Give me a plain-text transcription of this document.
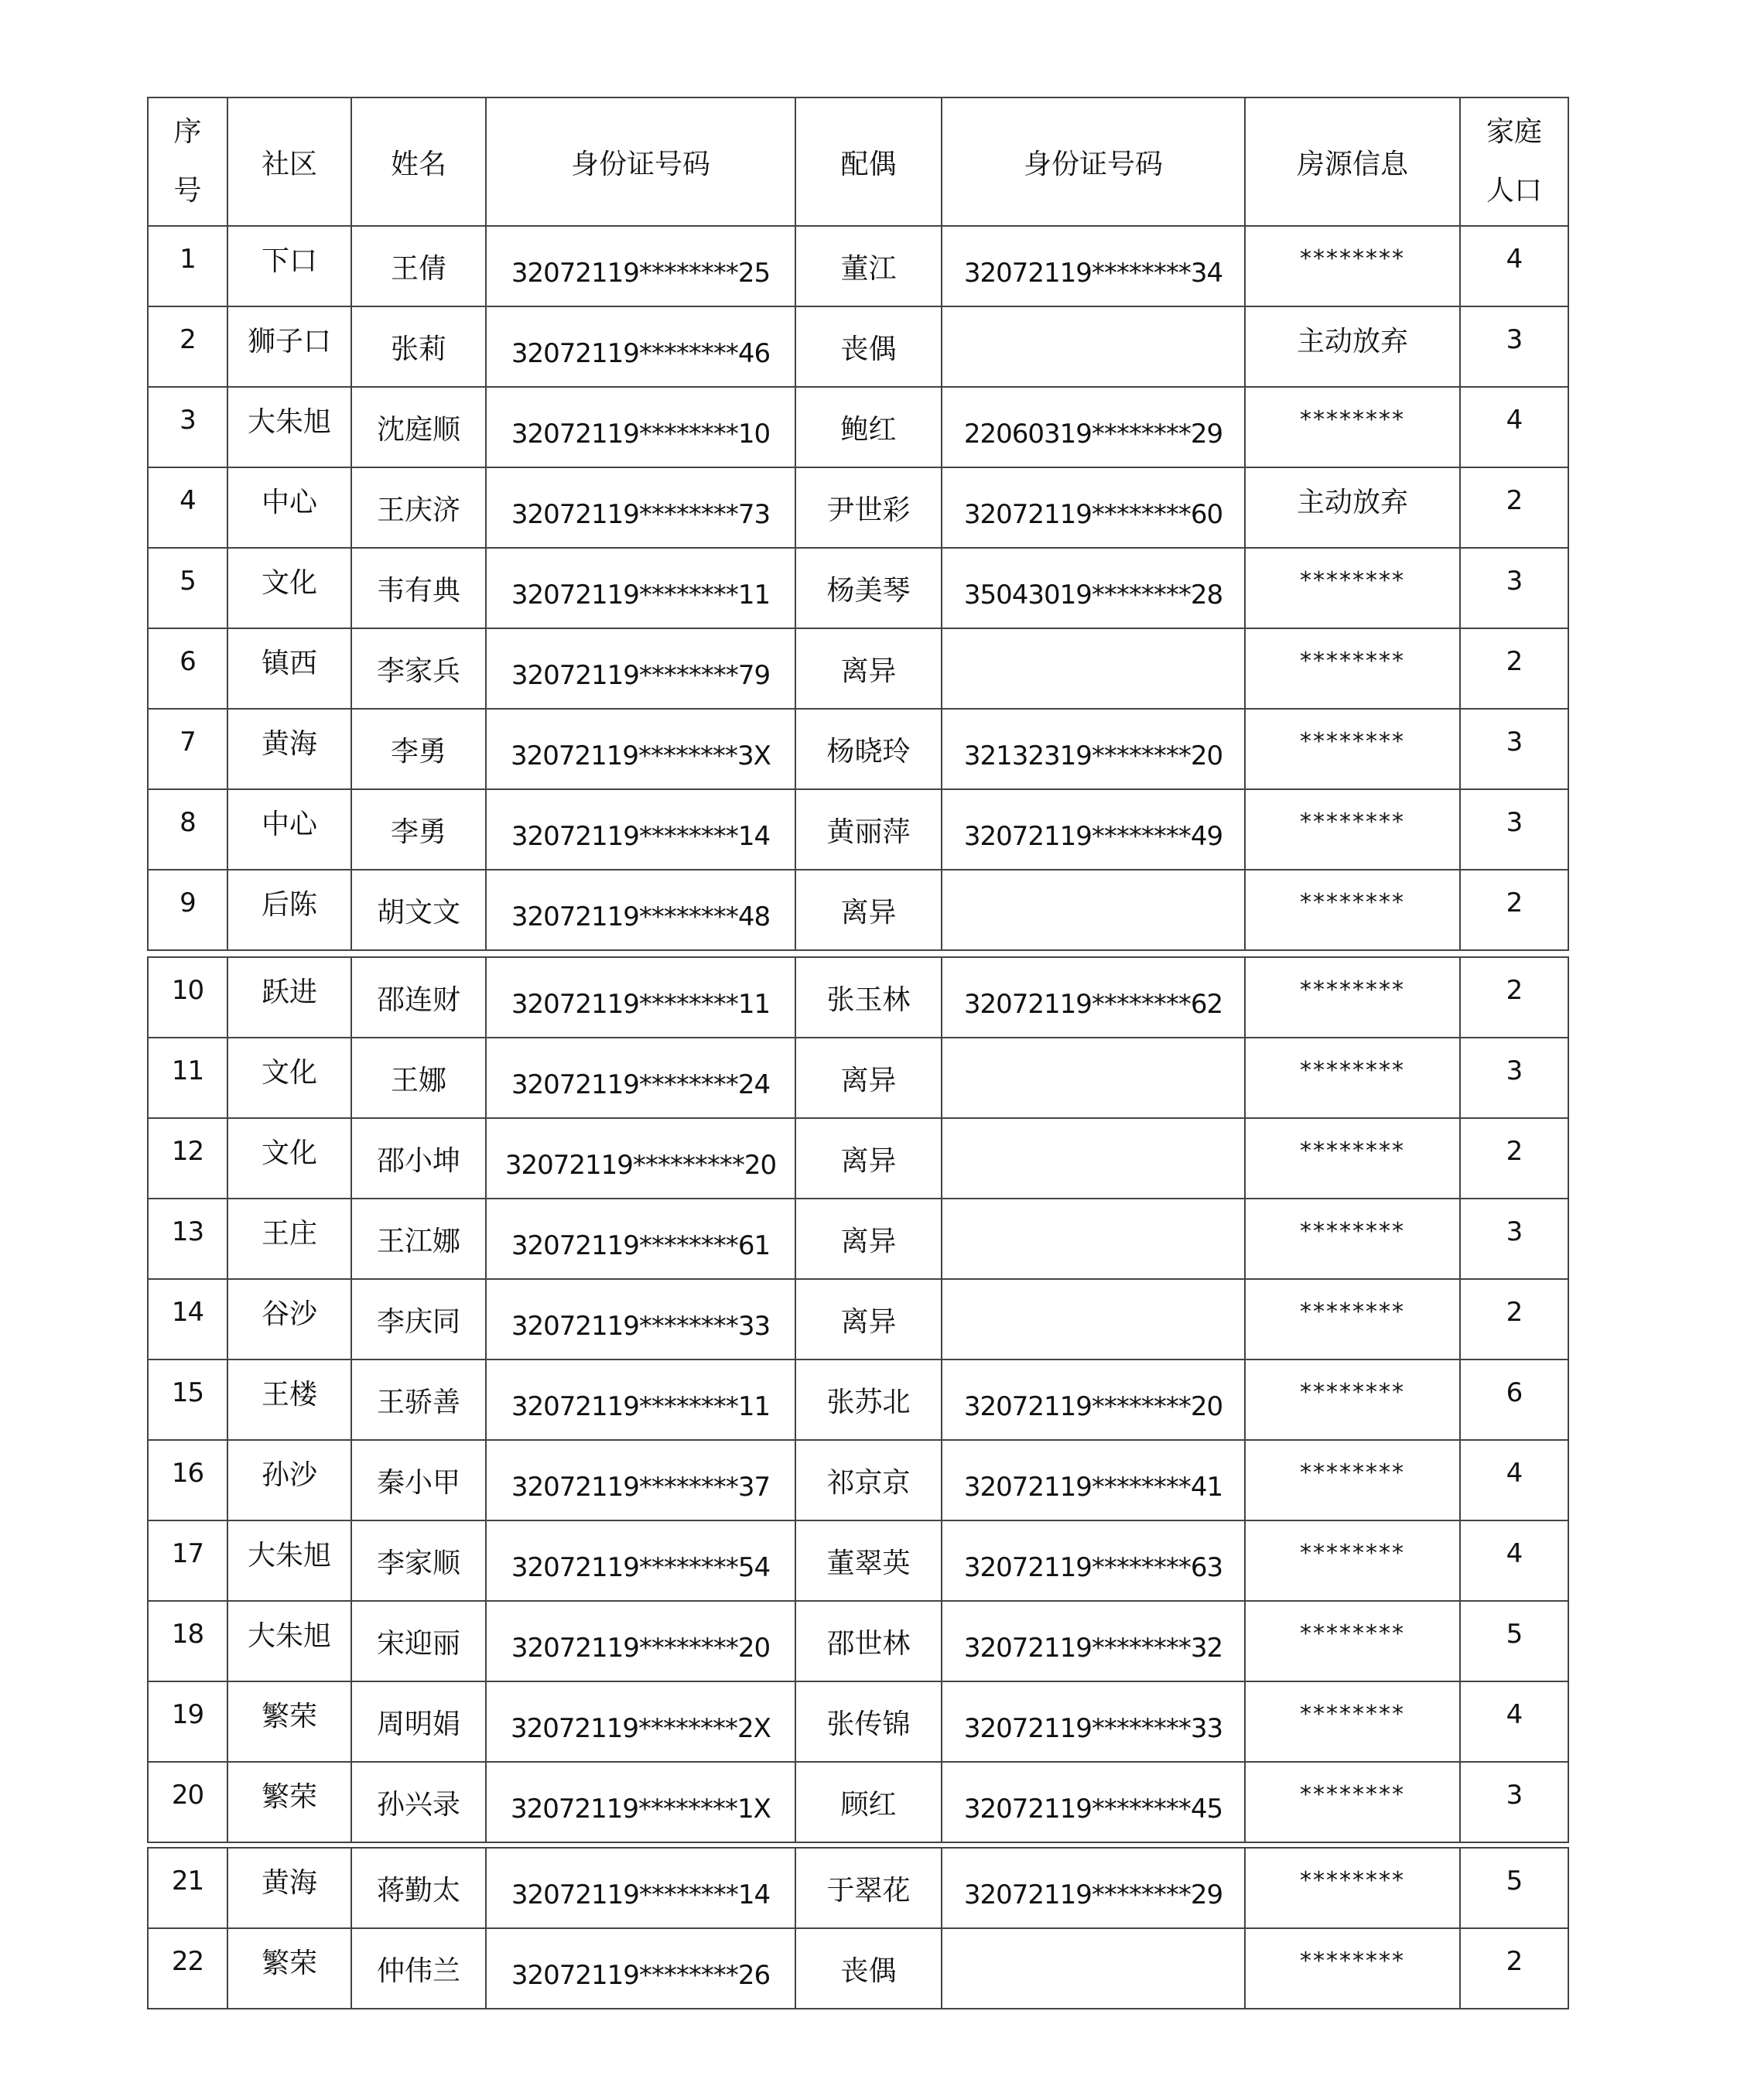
序
号	社区	姓名	身份证号码	配偶	身份证号码	房源信息	家庭
人口

1	下口	王倩	32072119********25	董江	32072119********34	********	4
2	狮子口	张莉	32072119********46	丧偶		主动放弃	3
3	大朱旭	沈庭顺	32072119********10	鲍红	22060319********29	********	4
4	中心	王庆济	32072119********73	尹世彩	32072119********60	主动放弃	2
5	文化	韦有典	32072119********11	杨美琴	35043019********28	********	3
6	镇西	李家兵	32072119********79	离异		********	2
7	黄海	李勇	32072119********3X	杨晓玲	32132319********20	********	3
8	中心	李勇	32072119********14	黄丽萍	32072119********49	********	3
9	后陈	胡文文	32072119********48	离异		********	2
10	跃进	邵连财	32072119********11	张玉林	32072119********62	********	2
11	文化	王娜	32072119********24	离异		********	3
12	文化	邵小坤	32072119*********20	离异		********	2
13	王庄	王江娜	32072119********61	离异		********	3
14	谷沙	李庆同	32072119********33	离异		********	2
15	王楼	王骄善	32072119********11	张苏北	32072119********20	********	6
16	孙沙	秦小甲	32072119********37	祁京京	32072119********41	********	4
17	大朱旭	李家顺	32072119********54	董翠英	32072119********63	********	4
18	大朱旭	宋迎丽	32072119********20	邵世林	32072119********32	********	5
19	繁荣	周明娟	32072119********2X	张传锦	32072119********33	********	4
20	繁荣	孙兴录	32072119********1X	顾红	32072119********45	********	3
21	黄海	蒋勤太	32072119********14	于翠花	32072119********29	********	5
22	繁荣	仲伟兰	32072119********26	丧偶		********	2
